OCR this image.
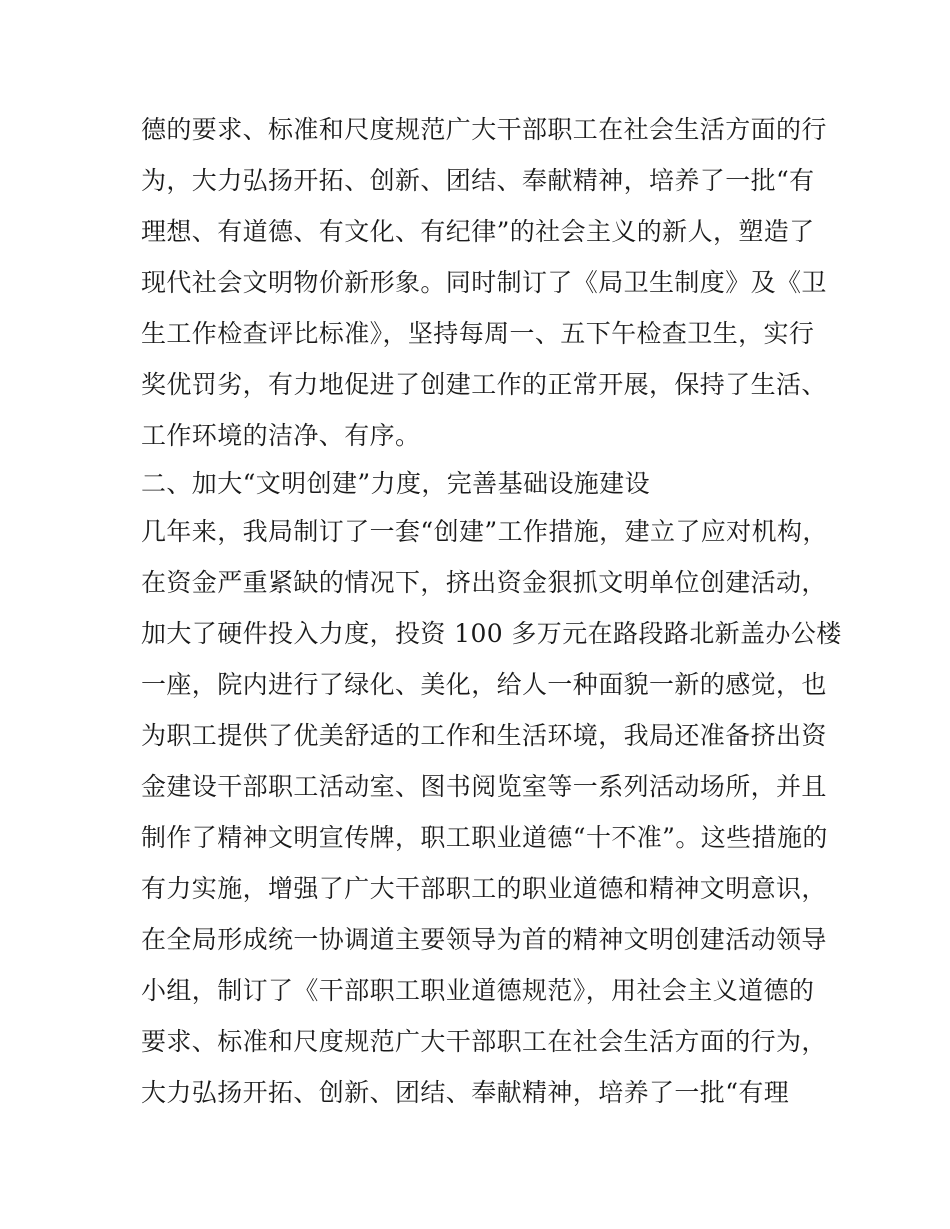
德的要求、标准和尺度规范广大干部职工在社会生活方面的行
为，大力弘扬开拓、创新、团结、奉献精神，培养了一批“有
理想、有道德、有文化、有纪律”的社会主义的新人，塑造了
现代社会文明物价新形象。同时制订了《局卫生制度》及《卫
生工作检查评比标准》，坚持每周一、五下午检查卫生，实行
奖优罚劣，有力地促进了创建工作的正常开展，保持了生活、
工作环境的洁净、有序。
二、加大“文明创建”力度，完善基础设施建设
几年来，我局制订了一套“创建”工作措施，建立了应对机构，
在资金严重紧缺的情况下，挤出资金狠抓文明单位创建活动，
加大了硬件投入力度，投资 100 多万元在路段路北新盖办公楼
一座，院内进行了绿化、美化，给人一种面貌一新的感觉，也
为职工提供了优美舒适的工作和生活环境，我局还准备挤出资
金建设干部职工活动室、图书阅览室等一系列活动场所，并且
制作了精神文明宣传牌，职工职业道德“十不准”。这些措施的
有力实施，增强了广大干部职工的职业道德和精神文明意识，
在全局形成统一协调道主要领导为首的精神文明创建活动领导
小组，制订了《干部职工职业道德规范》，用社会主义道德的
要求、标准和尺度规范广大干部职工在社会生活方面的行为，
大力弘扬开拓、创新、团结、奉献精神，培养了一批“有理
